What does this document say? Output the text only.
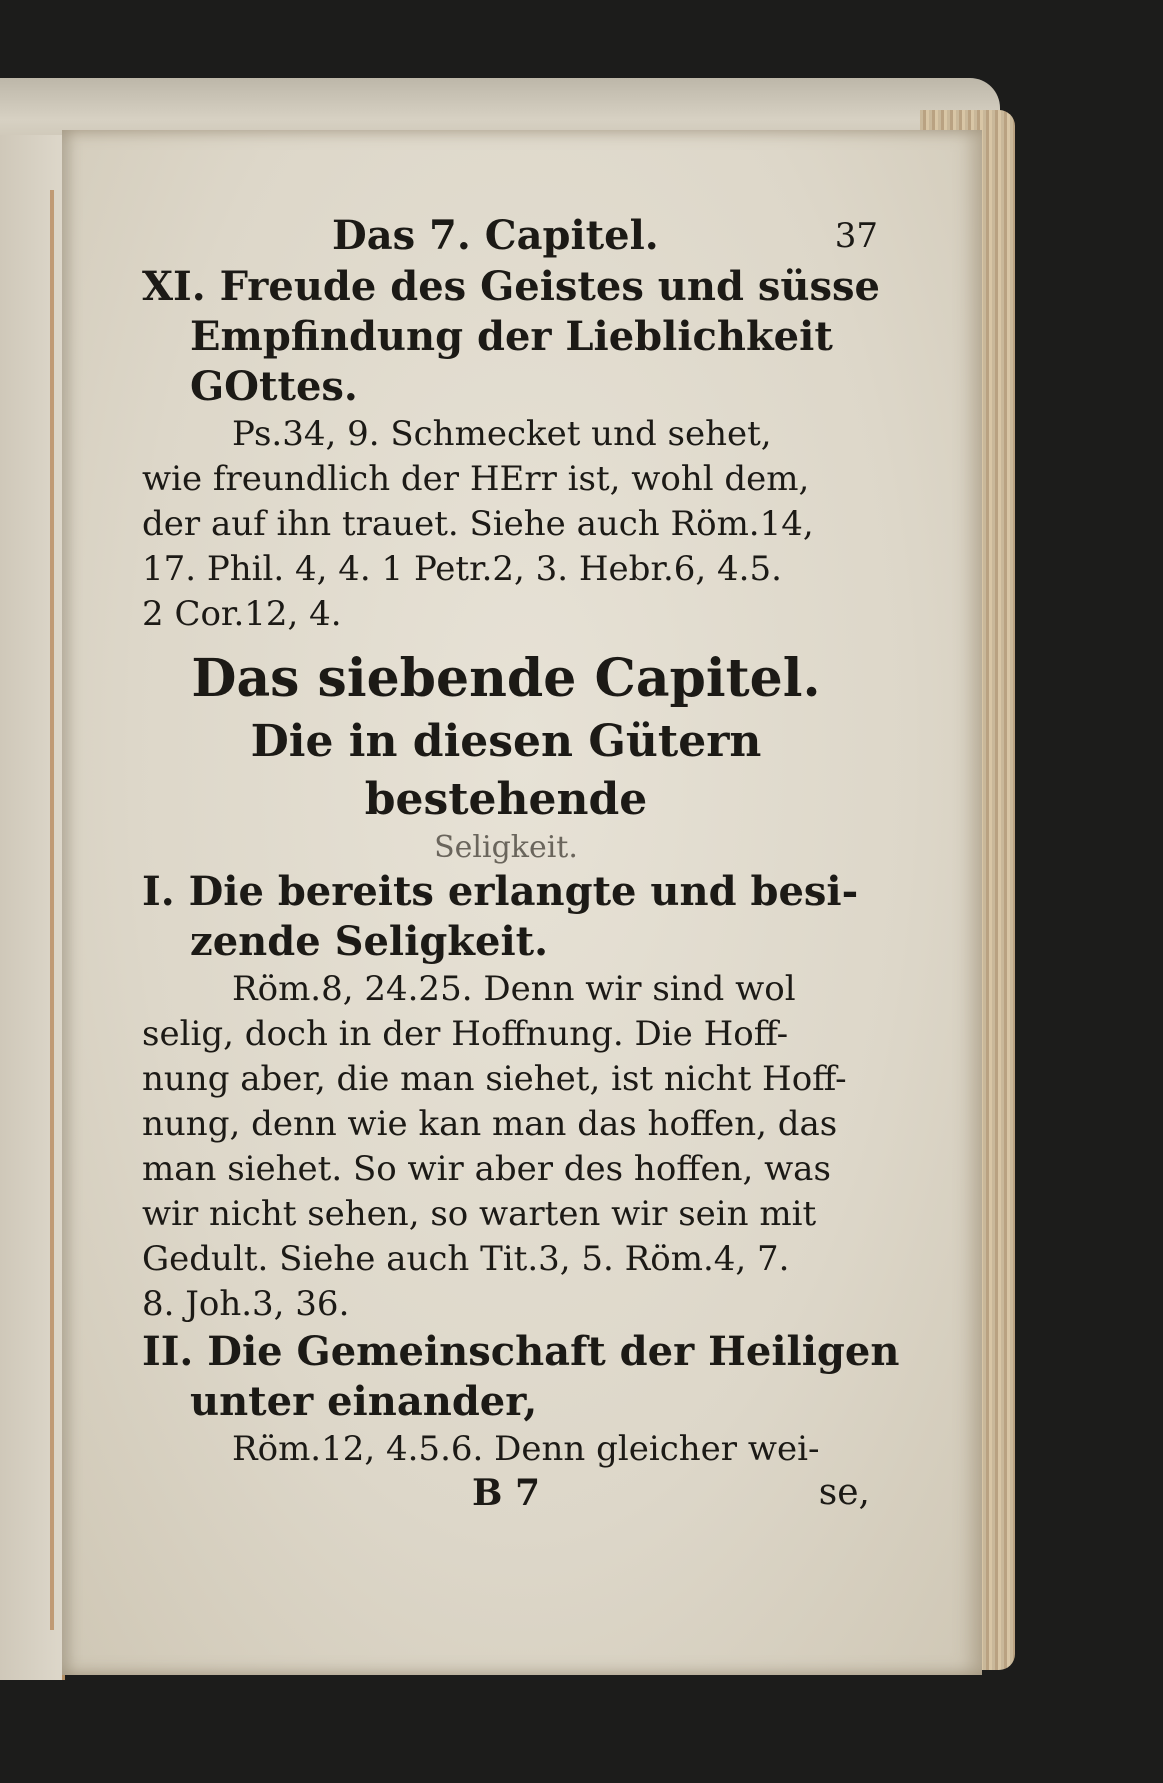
Das 7. Capitel.	37
XI. Freude des Geistes und süsse
Empfindung der Lieblichkeit
GOttes.
Ps.34, 9. Schmecket und sehet,
wie freundlich der HErr ist, wohl dem,
der auf ihn trauet. Siehe auch Röm.14,
17. Phil. 4, 4. 1 Petr.2, 3. Hebr.6, 4.5.
2 Cor.12, 4.
Das siebende Capitel.
Die in diesen Gütern bestehende
Seligkeit.
I. Die bereits erlangte und besi-
zende Seligkeit.
Röm.8, 24.25. Denn wir sind wol
selig, doch in der Hoffnung. Die Hoff-
nung aber, die man siehet, ist nicht Hoff-
nung, denn wie kan man das hoffen, das
man siehet. So wir aber des hoffen, was
wir nicht sehen, so warten wir sein mit
Gedult. Siehe auch Tit.3, 5. Röm.4, 7.
8. Joh.3, 36.
II. Die Gemeinschaft der Heiligen
unter einander,
Röm.12, 4.5.6. Denn gleicher wei-
B 7	se,
